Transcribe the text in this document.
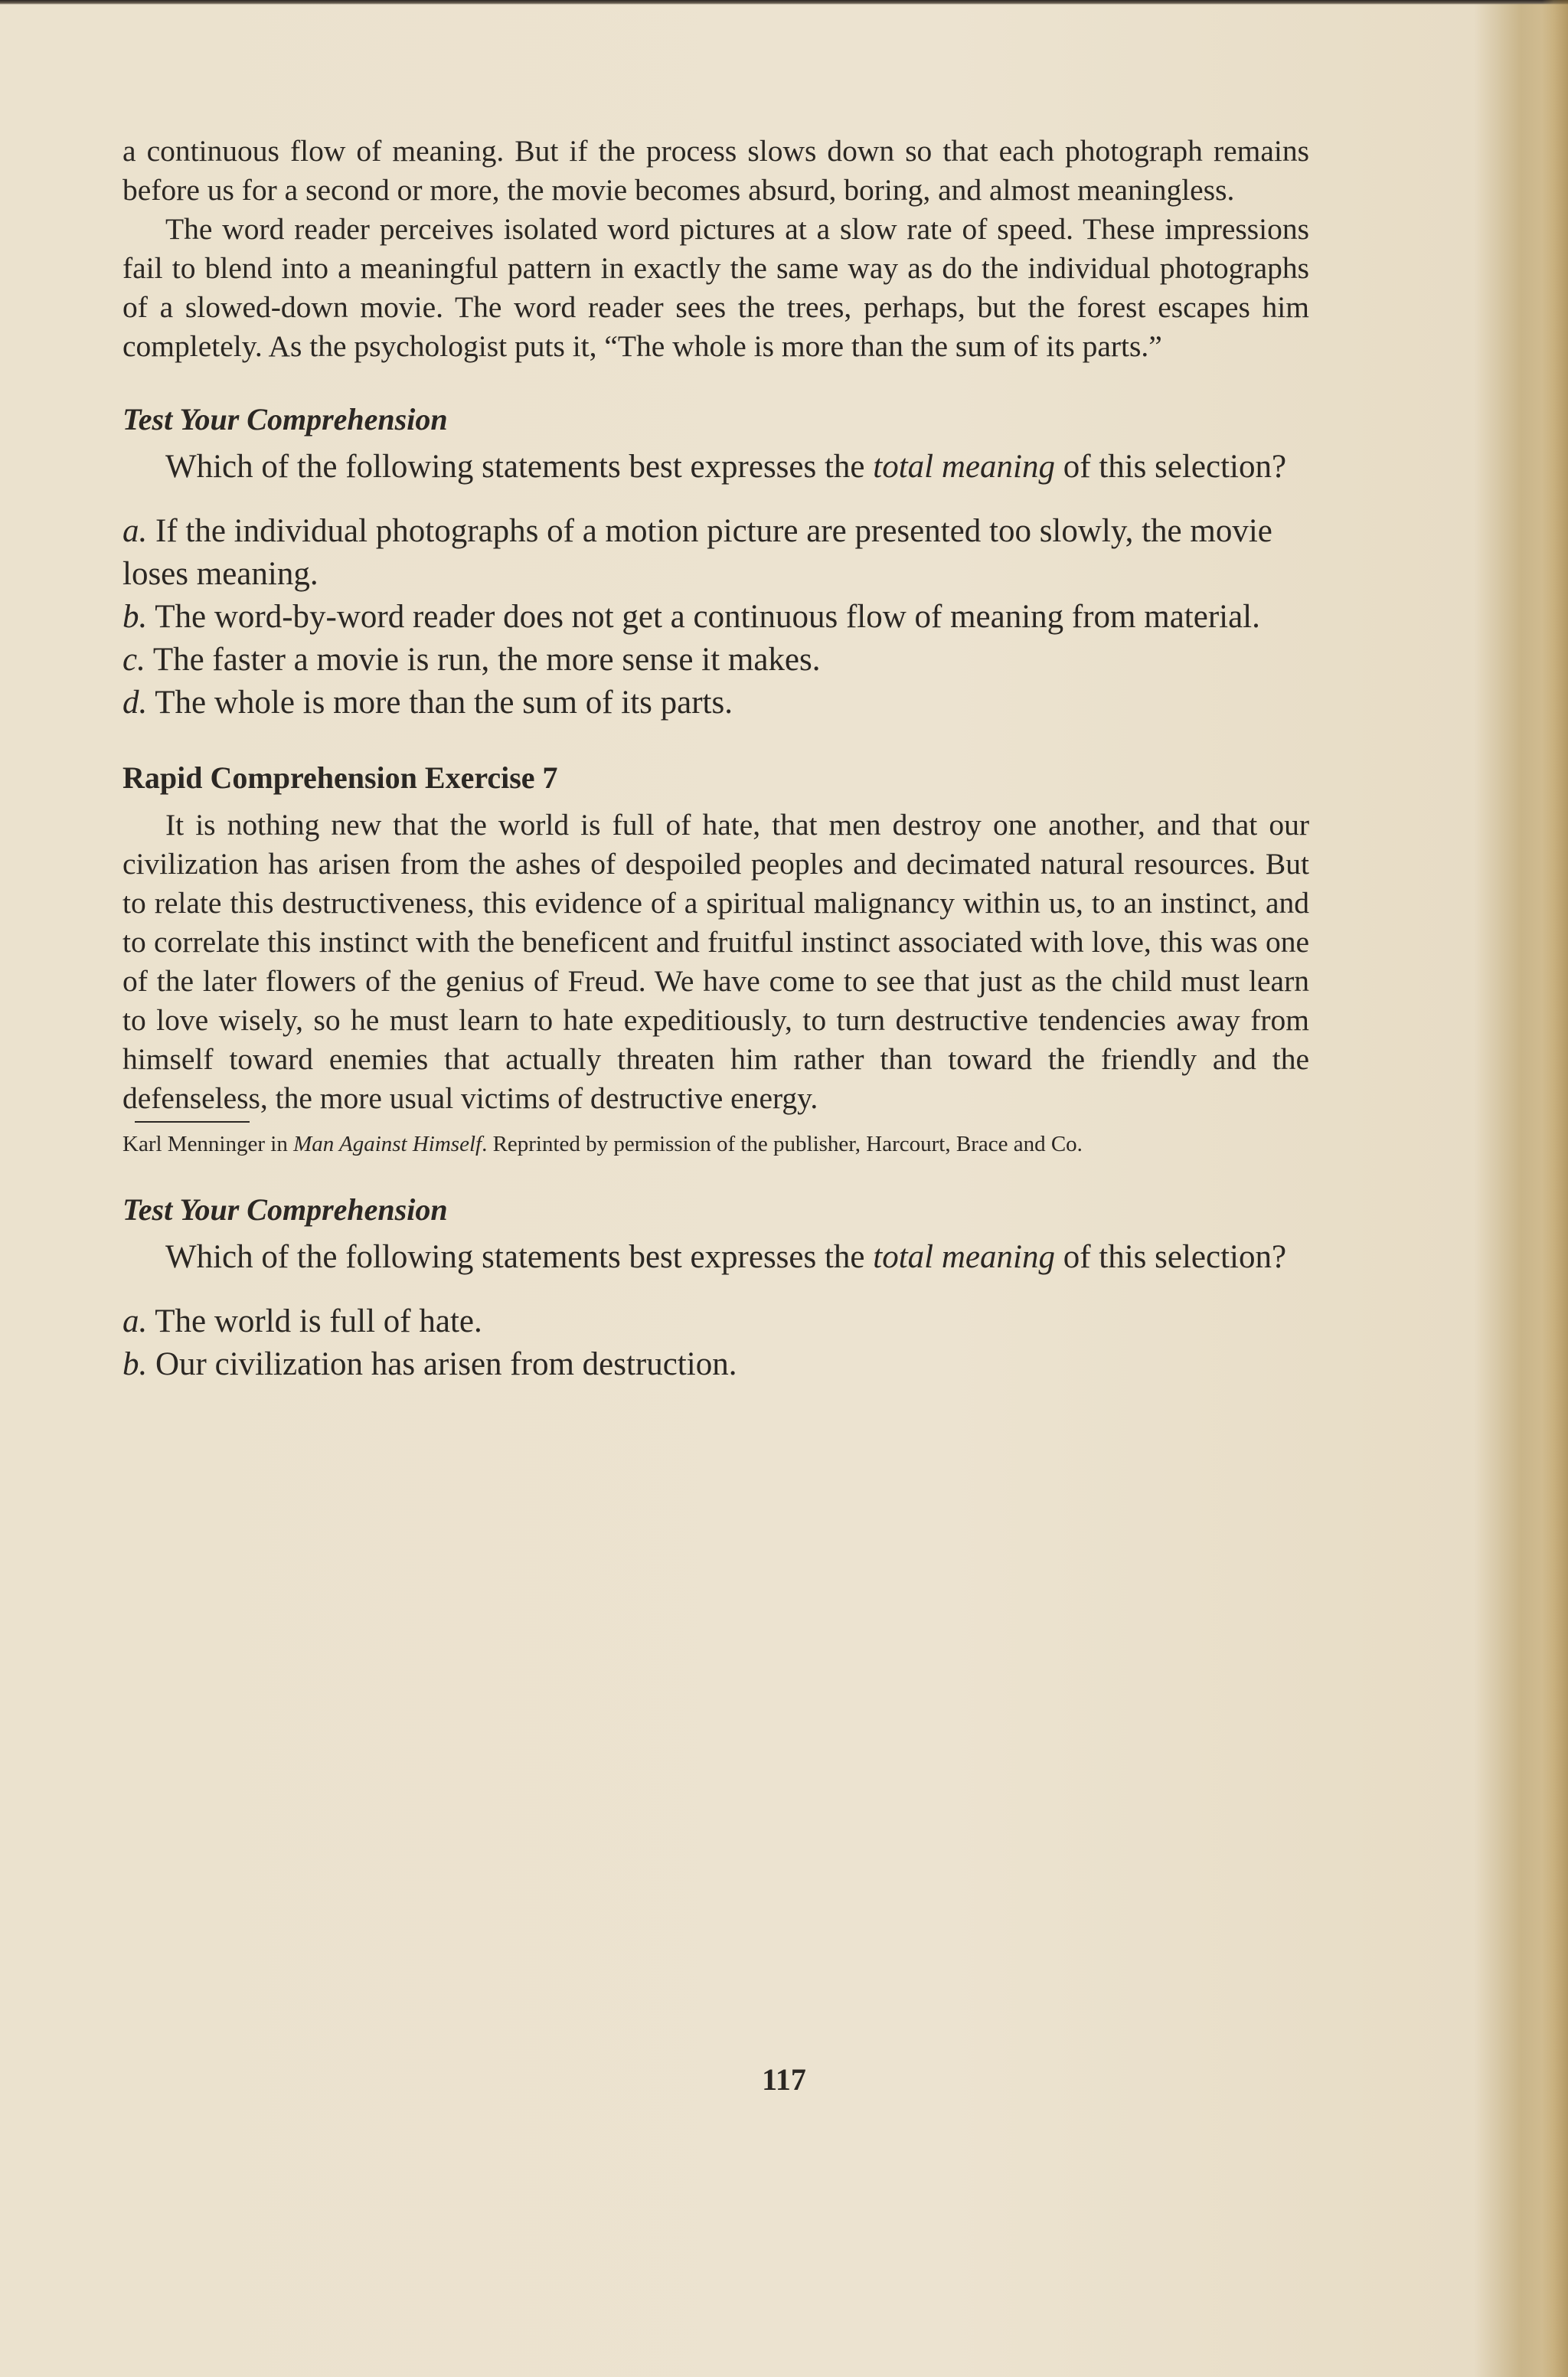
a continuous flow of meaning. But if the process slows down so that each photograph remains before us for a second or more, the movie becomes absurd, boring, and almost meaningless.

The word reader perceives isolated word pictures at a slow rate of speed. These impressions fail to blend into a meaningful pattern in exactly the same way as do the individual photographs of a slowed-down movie. The word reader sees the trees, perhaps, but the forest escapes him completely. As the psychologist puts it, “The whole is more than the sum of its parts.”

Test Your Comprehension

Which of the following statements best expresses the total meaning of this selection?

a. If the individual photographs of a motion picture are presented too slowly, the movie loses meaning.

b. The word-by-word reader does not get a continuous flow of meaning from material.

c. The faster a movie is run, the more sense it makes.

d. The whole is more than the sum of its parts.

Rapid Comprehension Exercise 7

It is nothing new that the world is full of hate, that men destroy one another, and that our civilization has arisen from the ashes of despoiled peoples and decimated natural resources. But to relate this destructiveness, this evidence of a spiritual malignancy within us, to an instinct, and to correlate this instinct with the beneficent and fruitful instinct associated with love, this was one of the later flowers of the genius of Freud. We have come to see that just as the child must learn to love wisely, so he must learn to hate expeditiously, to turn destructive tendencies away from himself toward enemies that actually threaten him rather than toward the friendly and the defenseless, the more usual victims of destructive energy.

Karl Menninger in Man Against Himself. Reprinted by permission of the publisher, Harcourt, Brace and Co.

Test Your Comprehension

Which of the following statements best expresses the total meaning of this selection?

a. The world is full of hate.

b. Our civilization has arisen from destruction.

117
